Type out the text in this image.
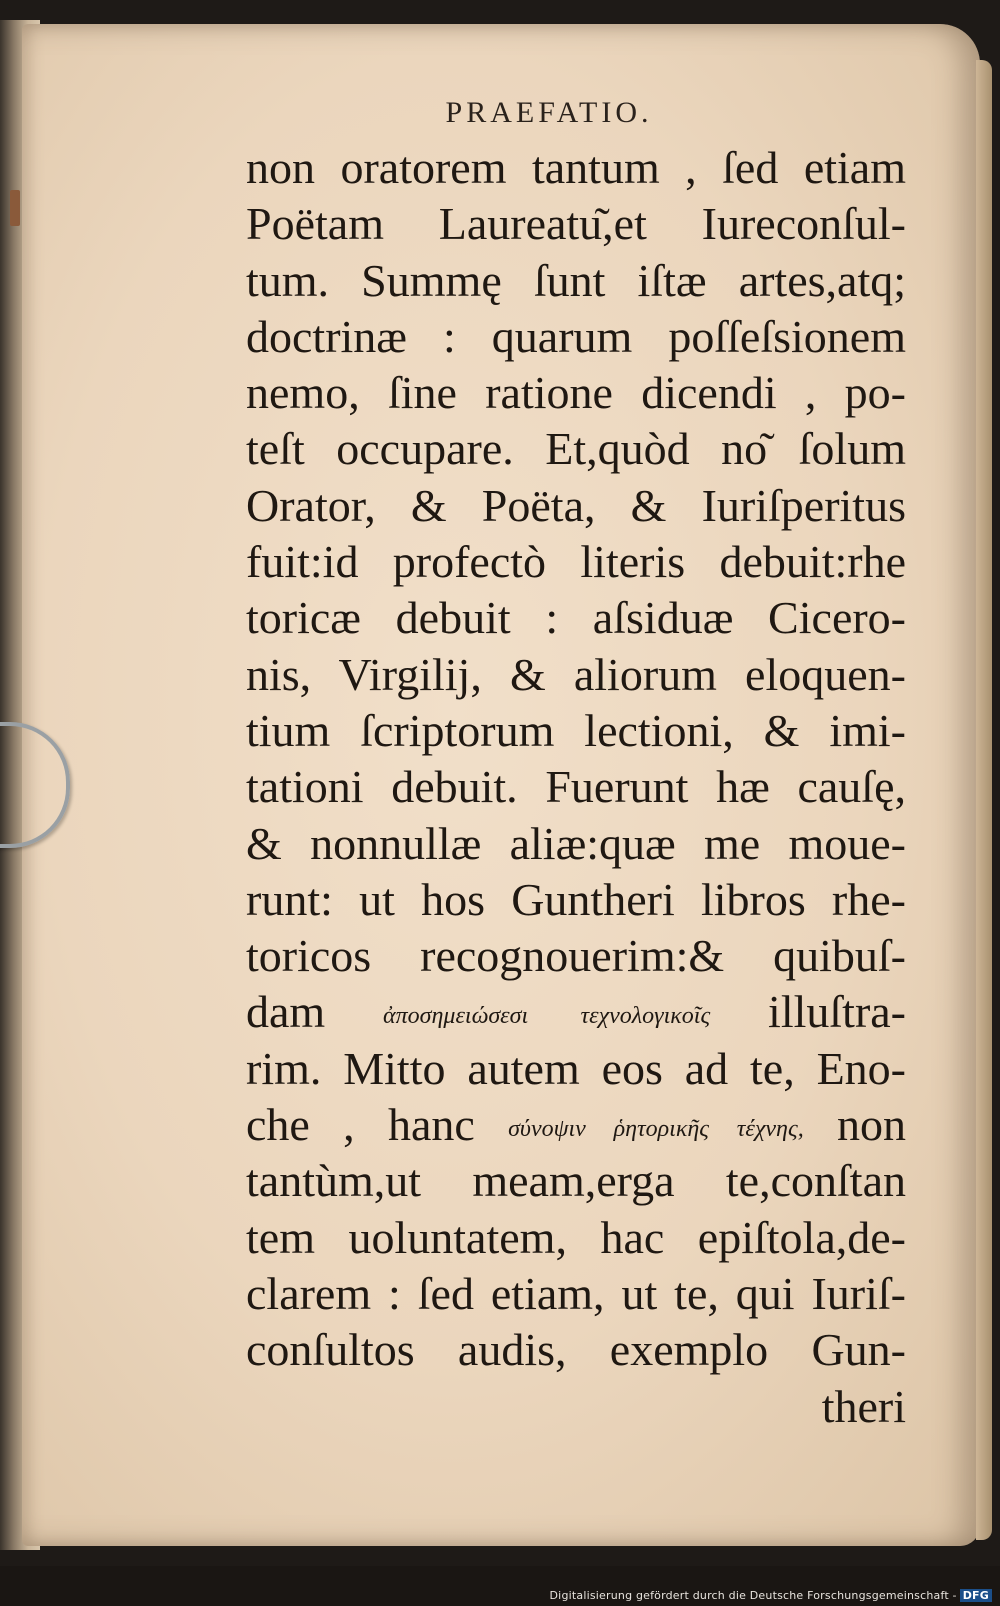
PRAEFATIO.
non oratorem tantum , ſed etiam
Poëtam Laureatu͂,et Iureconſul-
tum. Summę ſunt iſtæ artes,atq;
doctrinæ : quarum poſſeſsionem
nemo, ſine ratione dicendi , po-
teſt occupare. Et,quòd no͂ ſolum
Orator, & Poëta, & Iuriſperitus
fuit:id profectò literis debuit:rhe
toricæ debuit : aſsiduæ Cicero-
nis, Virgilij, & aliorum eloquen-
tium ſcriptorum lectioni, & imi-
tationi debuit. Fuerunt hæ cauſę,
& nonnullæ aliæ:quæ me moue-
runt: ut hos Guntheri libros rhe-
toricos recognouerim:& quibuſ-
dam ἀποσημειώσεσι τεχνολογικοῖς illuſtra-
rim. Mitto autem eos ad te, Eno-
che , hanc σύνοψιν ῥητορικῆς τέχνης, non
tantùm,ut meam,erga te,conſtan
tem uoluntatem, hac epiſtola,de-
clarem : ſed etiam, ut te, qui Iuriſ-
conſultos audis, exemplo Gun-
theri
Digitalisierung gefördert durch die Deutsche Forschungsgemeinschaft - DFG
